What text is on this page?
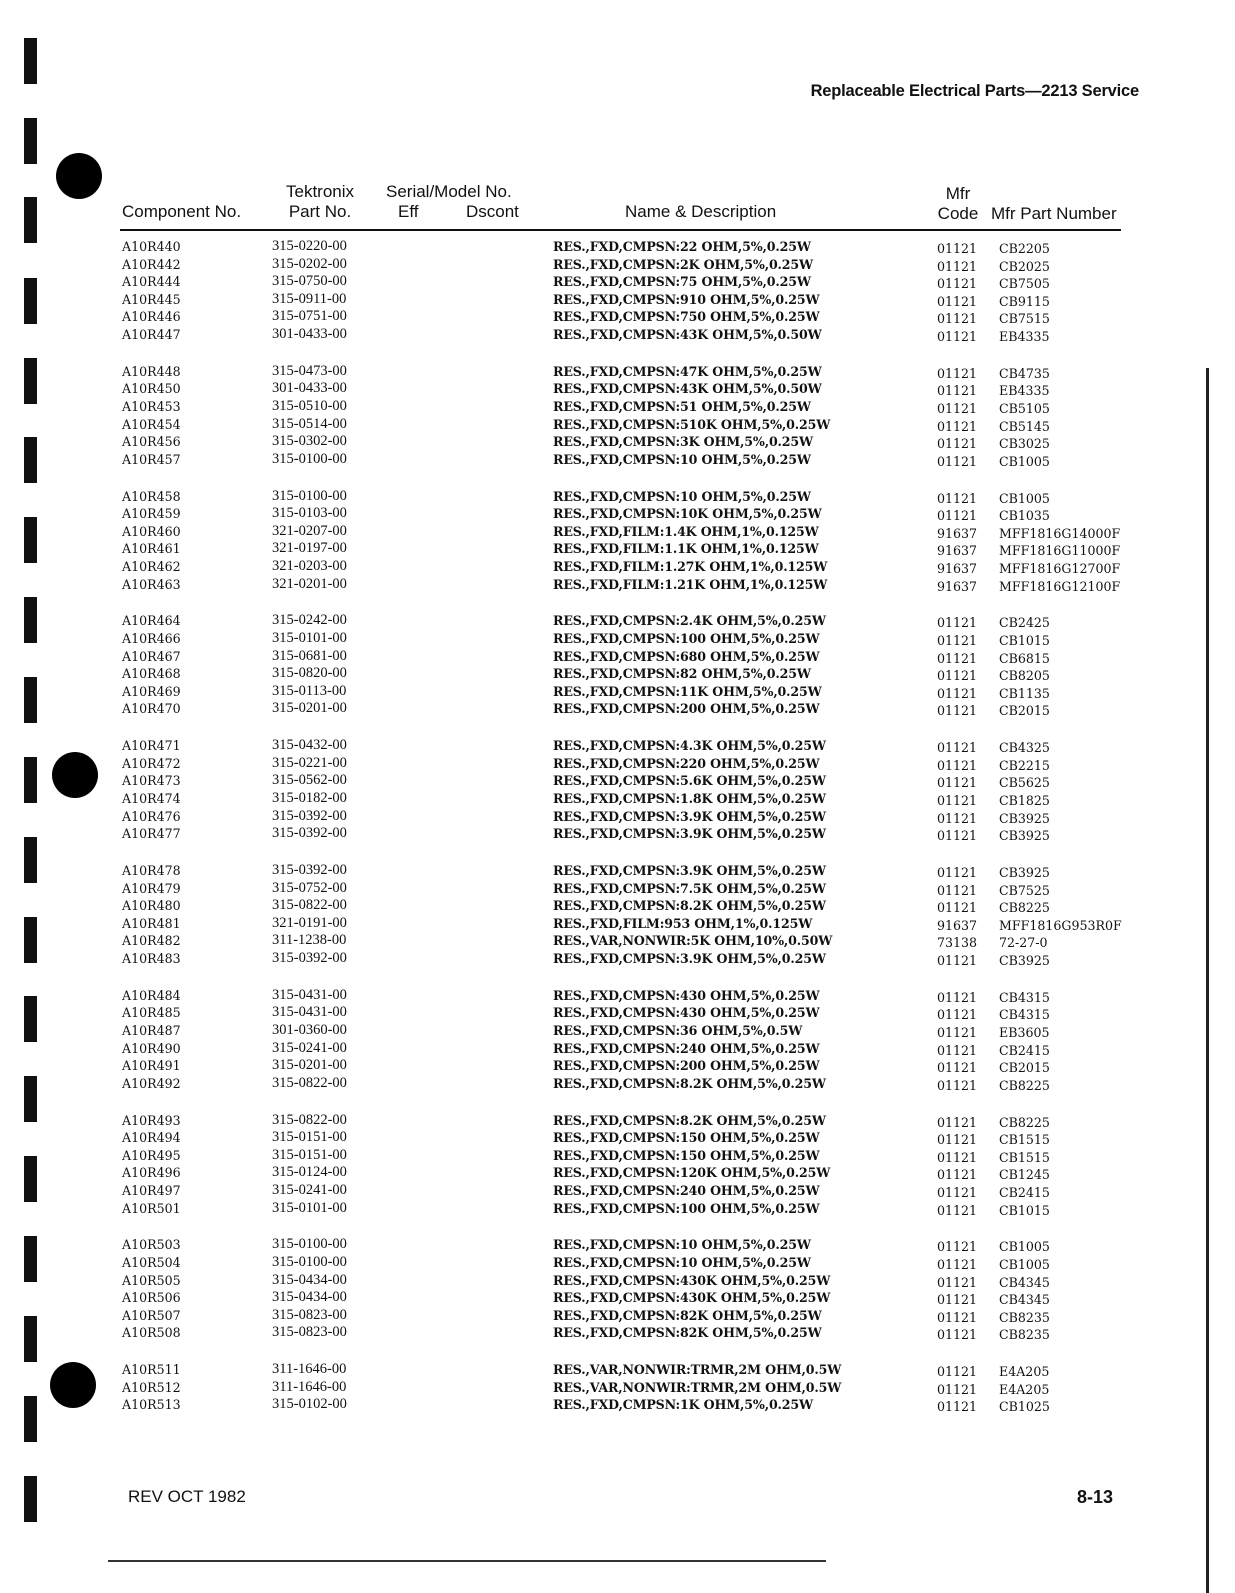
Replaceable Electrical Parts—2213 Service
Component No.
Tektronix
Part No.
Serial/Model No.
Eff	Dscont	Name & Description
Mfr
Code Mfr Part Number
A10R440	315-0220-00	RES.,FXD,CMPSN:22 OHM,5%,0.25W	01121 CB2205
A10R442	315-0202-00	RES.,FXD,CMPSN:2K OHM,5%,0.25W	01121 CB2025
A10R444	315-0750-00	RES.,FXD,CMPSN:75 OHM,5%,0.25W	01121 CB7505
A10R445	315-0911-00	RES.,FXD,CMPSN:910 OHM,5%,0.25W	01121 CB9115
A10R446	315-0751-00	RES.,FXD,CMPSN:750 OHM,5%,0.25W	01121 CB7515
A10R447	301-0433-00	RES.,FXD,CMPSN:43K OHM,5%,0.50W	01121 EB4335
A10R448	315-0473-00	RES.,FXD,CMPSN:47K OHM,5%,0.25W	01121 CB4735
A10R450	301-0433-00	RES.,FXD,CMPSN:43K OHM,5%,0.50W	01121 EB4335
A10R453	315-0510-00	RES.,FXD,CMPSN:51 OHM,5%,0.25W	01121 CB5105
A10R454	315-0514-00	RES.,FXD,CMPSN:510K OHM,5%,0.25W	01121 CB5145
A10R456	315-0302-00	RES.,FXD,CMPSN:3K OHM,5%,0.25W	01121 CB3025
A10R457	315-0100-00	RES.,FXD,CMPSN:10 OHM,5%,0.25W	01121 CB1005
A10R458	315-0100-00	RES.,FXD,CMPSN:10 OHM,5%,0.25W	01121 CB1005
A10R459	315-0103-00	RES.,FXD,CMPSN:10K OHM,5%,0.25W	01121 CB1035
A10R460	321-0207-00	RES.,FXD,FILM:1.4K OHM,1%,0.125W	91637 MFF1816G14000F
A10R461	321-0197-00	RES.,FXD,FILM:1.1K OHM,1%,0.125W	91637 MFF1816G11000F
A10R462	321-0203-00	RES.,FXD,FILM:1.27K OHM,1%,0.125W	91637 MFF1816G12700F
A10R463	321-0201-00	RES.,FXD,FILM:1.21K OHM,1%,0.125W	91637 MFF1816G12100F
A10R464	315-0242-00	RES.,FXD,CMPSN:2.4K OHM,5%,0.25W	01121 CB2425
A10R466	315-0101-00	RES.,FXD,CMPSN:100 OHM,5%,0.25W	01121 CB1015
A10R467	315-0681-00	RES.,FXD,CMPSN:680 OHM,5%,0.25W	01121 CB6815
A10R468	315-0820-00	RES.,FXD,CMPSN:82 OHM,5%,0.25W	01121 CB8205
A10R469	315-0113-00	RES.,FXD,CMPSN:11K OHM,5%,0.25W	01121 CB1135
A10R470	315-0201-00	RES.,FXD,CMPSN:200 OHM,5%,0.25W	01121 CB2015
A10R471	315-0432-00	RES.,FXD,CMPSN:4.3K OHM,5%,0.25W	01121 CB4325
A10R472	315-0221-00	RES.,FXD,CMPSN:220 OHM,5%,0.25W	01121 CB2215
A10R473	315-0562-00	RES.,FXD,CMPSN:5.6K OHM,5%,0.25W	01121 CB5625
A10R474	315-0182-00	RES.,FXD,CMPSN:1.8K OHM,5%,0.25W	01121 CB1825
A10R476	315-0392-00	RES.,FXD,CMPSN:3.9K OHM,5%,0.25W	01121 CB3925
A10R477	315-0392-00	RES.,FXD,CMPSN:3.9K OHM,5%,0.25W	01121 CB3925
A10R478	315-0392-00	RES.,FXD,CMPSN:3.9K OHM,5%,0.25W	01121 CB3925
A10R479	315-0752-00	RES.,FXD,CMPSN:7.5K OHM,5%,0.25W	01121 CB7525
A10R480	315-0822-00	RES.,FXD,CMPSN:8.2K OHM,5%,0.25W	01121 CB8225
A10R481	321-0191-00	RES.,FXD,FILM:953 OHM,1%,0.125W	91637 MFF1816G953R0F
A10R482	311-1238-00	RES.,VAR,NONWIR:5K OHM,10%,0.50W	73138 72-27-0
A10R483	315-0392-00	RES.,FXD,CMPSN:3.9K OHM,5%,0.25W	01121 CB3925
A10R484	315-0431-00	RES.,FXD,CMPSN:430 OHM,5%,0.25W	01121 CB4315
A10R485	315-0431-00	RES.,FXD,CMPSN:430 OHM,5%,0.25W	01121 CB4315
A10R487	301-0360-00	RES.,FXD,CMPSN:36 OHM,5%,0.5W	01121 EB3605
A10R490	315-0241-00	RES.,FXD,CMPSN:240 OHM,5%,0.25W	01121 CB2415
A10R491	315-0201-00	RES.,FXD,CMPSN:200 OHM,5%,0.25W	01121 CB2015
A10R492	315-0822-00	RES.,FXD,CMPSN:8.2K OHM,5%,0.25W	01121 CB8225
A10R493	315-0822-00	RES.,FXD,CMPSN:8.2K OHM,5%,0.25W	01121 CB8225
A10R494	315-0151-00	RES.,FXD,CMPSN:150 OHM,5%,0.25W	01121 CB1515
A10R495	315-0151-00	RES.,FXD,CMPSN:150 OHM,5%,0.25W	01121 CB1515
A10R496	315-0124-00	RES.,FXD,CMPSN:120K OHM,5%,0.25W	01121 CB1245
A10R497	315-0241-00	RES.,FXD,CMPSN:240 OHM,5%,0.25W	01121 CB2415
A10R501	315-0101-00	RES.,FXD,CMPSN:100 OHM,5%,0.25W	01121 CB1015
A10R503	315-0100-00	RES.,FXD,CMPSN:10 OHM,5%,0.25W	01121 CB1005
A10R504	315-0100-00	RES.,FXD,CMPSN:10 OHM,5%,0.25W	01121 CB1005
A10R505	315-0434-00	RES.,FXD,CMPSN:430K OHM,5%,0.25W	01121 CB4345
A10R506	315-0434-00	RES.,FXD,CMPSN:430K OHM,5%,0.25W	01121 CB4345
A10R507	315-0823-00	RES.,FXD,CMPSN:82K OHM,5%,0.25W	01121 CB8235
A10R508	315-0823-00	RES.,FXD,CMPSN:82K OHM,5%,0.25W	01121 CB8235
A10R511	311-1646-00	RES.,VAR,NONWIR:TRMR,2M OHM,0.5W	01121 E4A205
A10R512	311-1646-00	RES.,VAR,NONWIR:TRMR,2M OHM,0.5W	01121 E4A205
A10R513	315-0102-00	RES.,FXD,CMPSN:1K OHM,5%,0.25W	01121 CB1025
REV OCT 1982	8-13
